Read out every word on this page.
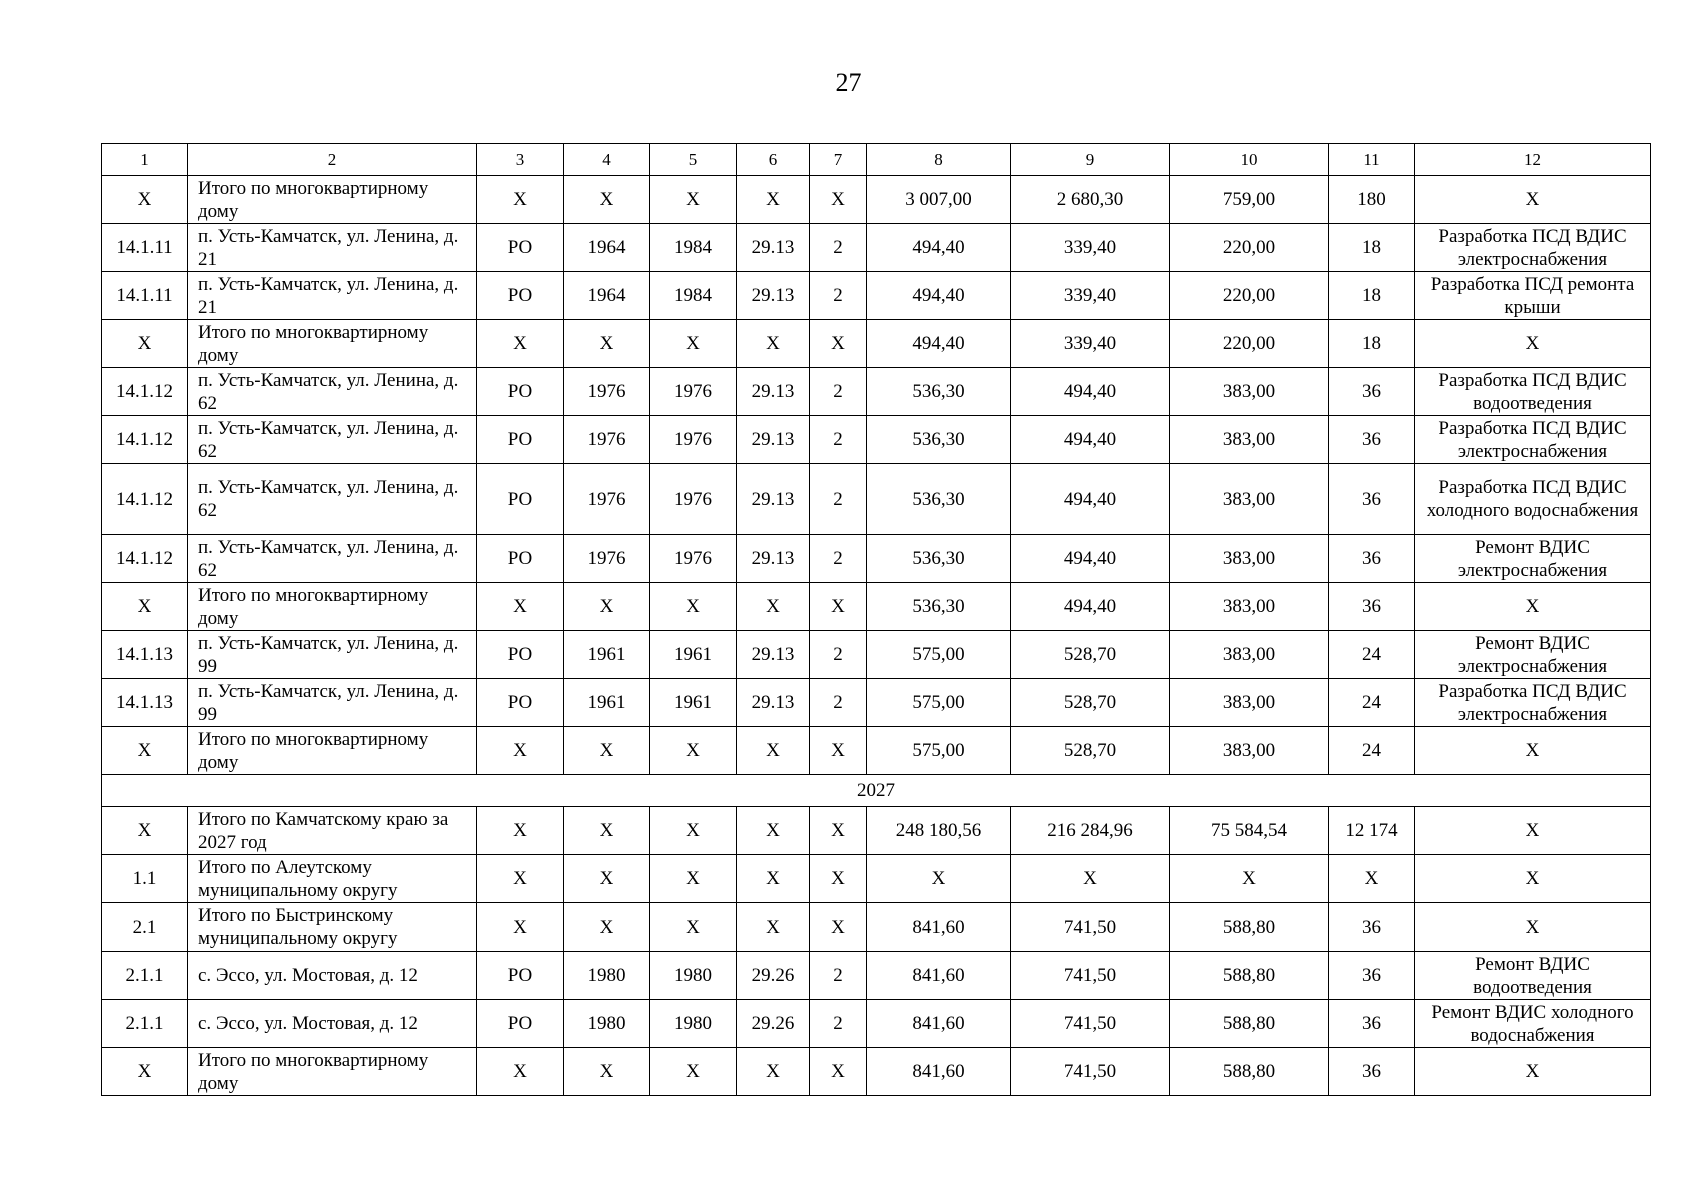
27
1	2	3	4	5	6	7	8	9	10	11	12
X	Итого по многоквартирному дому	X	X	X	X	X	3 007,00	2 680,30	759,00	180	X
14.1.11	п. Усть-Камчатск, ул. Ленина, д. 21	РО	1964	1984	29.13	2	494,40	339,40	220,00	18	Разработка ПСД ВДИС электроснабжения
14.1.11	п. Усть-Камчатск, ул. Ленина, д. 21	РО	1964	1984	29.13	2	494,40	339,40	220,00	18	Разработка ПСД ремонта крыши
X	Итого по многоквартирному дому	X	X	X	X	X	494,40	339,40	220,00	18	X
14.1.12	п. Усть-Камчатск, ул. Ленина, д. 62	РО	1976	1976	29.13	2	536,30	494,40	383,00	36	Разработка ПСД ВДИС водоотведения
14.1.12	п. Усть-Камчатск, ул. Ленина, д. 62	РО	1976	1976	29.13	2	536,30	494,40	383,00	36	Разработка ПСД ВДИС электроснабжения
14.1.12	п. Усть-Камчатск, ул. Ленина, д. 62	РО	1976	1976	29.13	2	536,30	494,40	383,00	36	Разработка ПСД ВДИС холодного водоснабжения
14.1.12	п. Усть-Камчатск, ул. Ленина, д. 62	РО	1976	1976	29.13	2	536,30	494,40	383,00	36	Ремонт ВДИС электроснабжения
X	Итого по многоквартирному дому	X	X	X	X	X	536,30	494,40	383,00	36	X
14.1.13	п. Усть-Камчатск, ул. Ленина, д. 99	РО	1961	1961	29.13	2	575,00	528,70	383,00	24	Ремонт ВДИС электроснабжения
14.1.13	п. Усть-Камчатск, ул. Ленина, д. 99	РО	1961	1961	29.13	2	575,00	528,70	383,00	24	Разработка ПСД ВДИС электроснабжения
X	Итого по многоквартирному дому	X	X	X	X	X	575,00	528,70	383,00	24	X
2027											
X	Итого по Камчатскому краю за 2027 год	X	X	X	X	X	248 180,56	216 284,96	75 584,54	12 174	X
1.1	Итого по Алеутскому муниципальному округу	X	X	X	X	X	X	X	X	X	X
2.1	Итого по Быстринскому муниципальному округу	X	X	X	X	X	841,60	741,50	588,80	36	X
2.1.1	с. Эссо, ул. Мостовая, д. 12	РО	1980	1980	29.26	2	841,60	741,50	588,80	36	Ремонт ВДИС водоотведения
2.1.1	с. Эссо, ул. Мостовая, д. 12	РО	1980	1980	29.26	2	841,60	741,50	588,80	36	Ремонт ВДИС холодного водоснабжения
X	Итого по многоквартирному дому	X	X	X	X	X	841,60	741,50	588,80	36	X
